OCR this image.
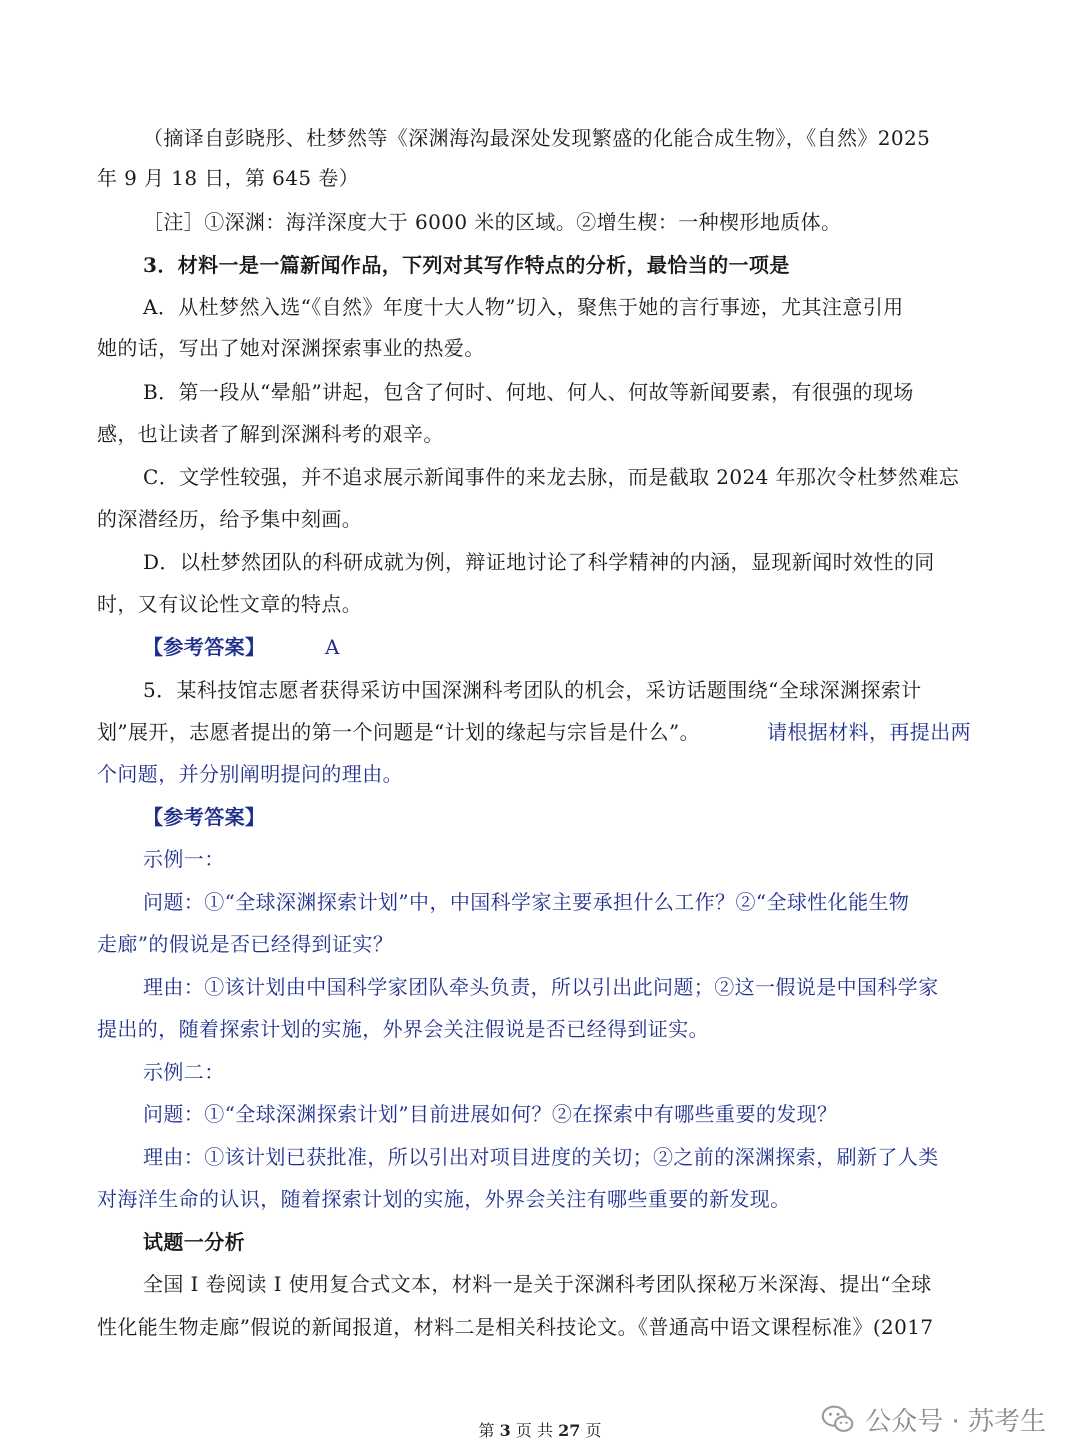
（摘译自彭晓彤、杜梦然等《深渊海沟最深处发现繁盛的化能合成生物》，《自然》2025
年 9 月 18 日，第 645 卷）
［注］①深渊：海洋深度大于 6000 米的区域。②增生楔：一种楔形地质体。
3．材料一是一篇新闻作品，下列对其写作特点的分析，最恰当的一项是
A．从杜梦然入选“《自然》年度十大人物”切入，聚焦于她的言行事迹，尤其注意引用
她的话，写出了她对深渊探索事业的热爱。
B．第一段从“晕船”讲起，包含了何时、何地、何人、何故等新闻要素，有很强的现场
感，也让读者了解到深渊科考的艰辛。
C．文学性较强，并不追求展示新闻事件的来龙去脉，而是截取 2024 年那次令杜梦然难忘
的深潜经历，给予集中刻画。
D．以杜梦然团队的科研成就为例，辩证地讨论了科学精神的内涵，显现新闻时效性的同
时，又有议论性文章的特点。
【参考答案】	A
5．某科技馆志愿者获得采访中国深渊科考团队的机会，采访话题围绕“全球深渊探索计
划”展开，志愿者提出的第一个问题是“计划的缘起与宗旨是什么”。	请根据材料，再提出两
个问题，并分别阐明提问的理由。
【参考答案】
示例一：
问题：①“全球深渊探索计划”中，中国科学家主要承担什么工作？②“全球性化能生物
走廊”的假说是否已经得到证实？
理由：①该计划由中国科学家团队牵头负责，所以引出此问题；②这一假说是中国科学家
提出的，随着探索计划的实施，外界会关注假说是否已经得到证实。
示例二：
问题：①“全球深渊探索计划”目前进展如何？②在探索中有哪些重要的发现？
理由：①该计划已获批准，所以引出对项目进度的关切；②之前的深渊探索，刷新了人类
对海洋生命的认识，随着探索计划的实施，外界会关注有哪些重要的新发现。
试题一分析
全国 I 卷阅读 I 使用复合式文本，材料一是关于深渊科考团队探秘万米深海、提出“全球
性化能生物走廊”假说的新闻报道，材料二是相关科技论文。《普通高中语文课程标准》(2017
第 3 页 共 27 页	公众号 · 苏考生
